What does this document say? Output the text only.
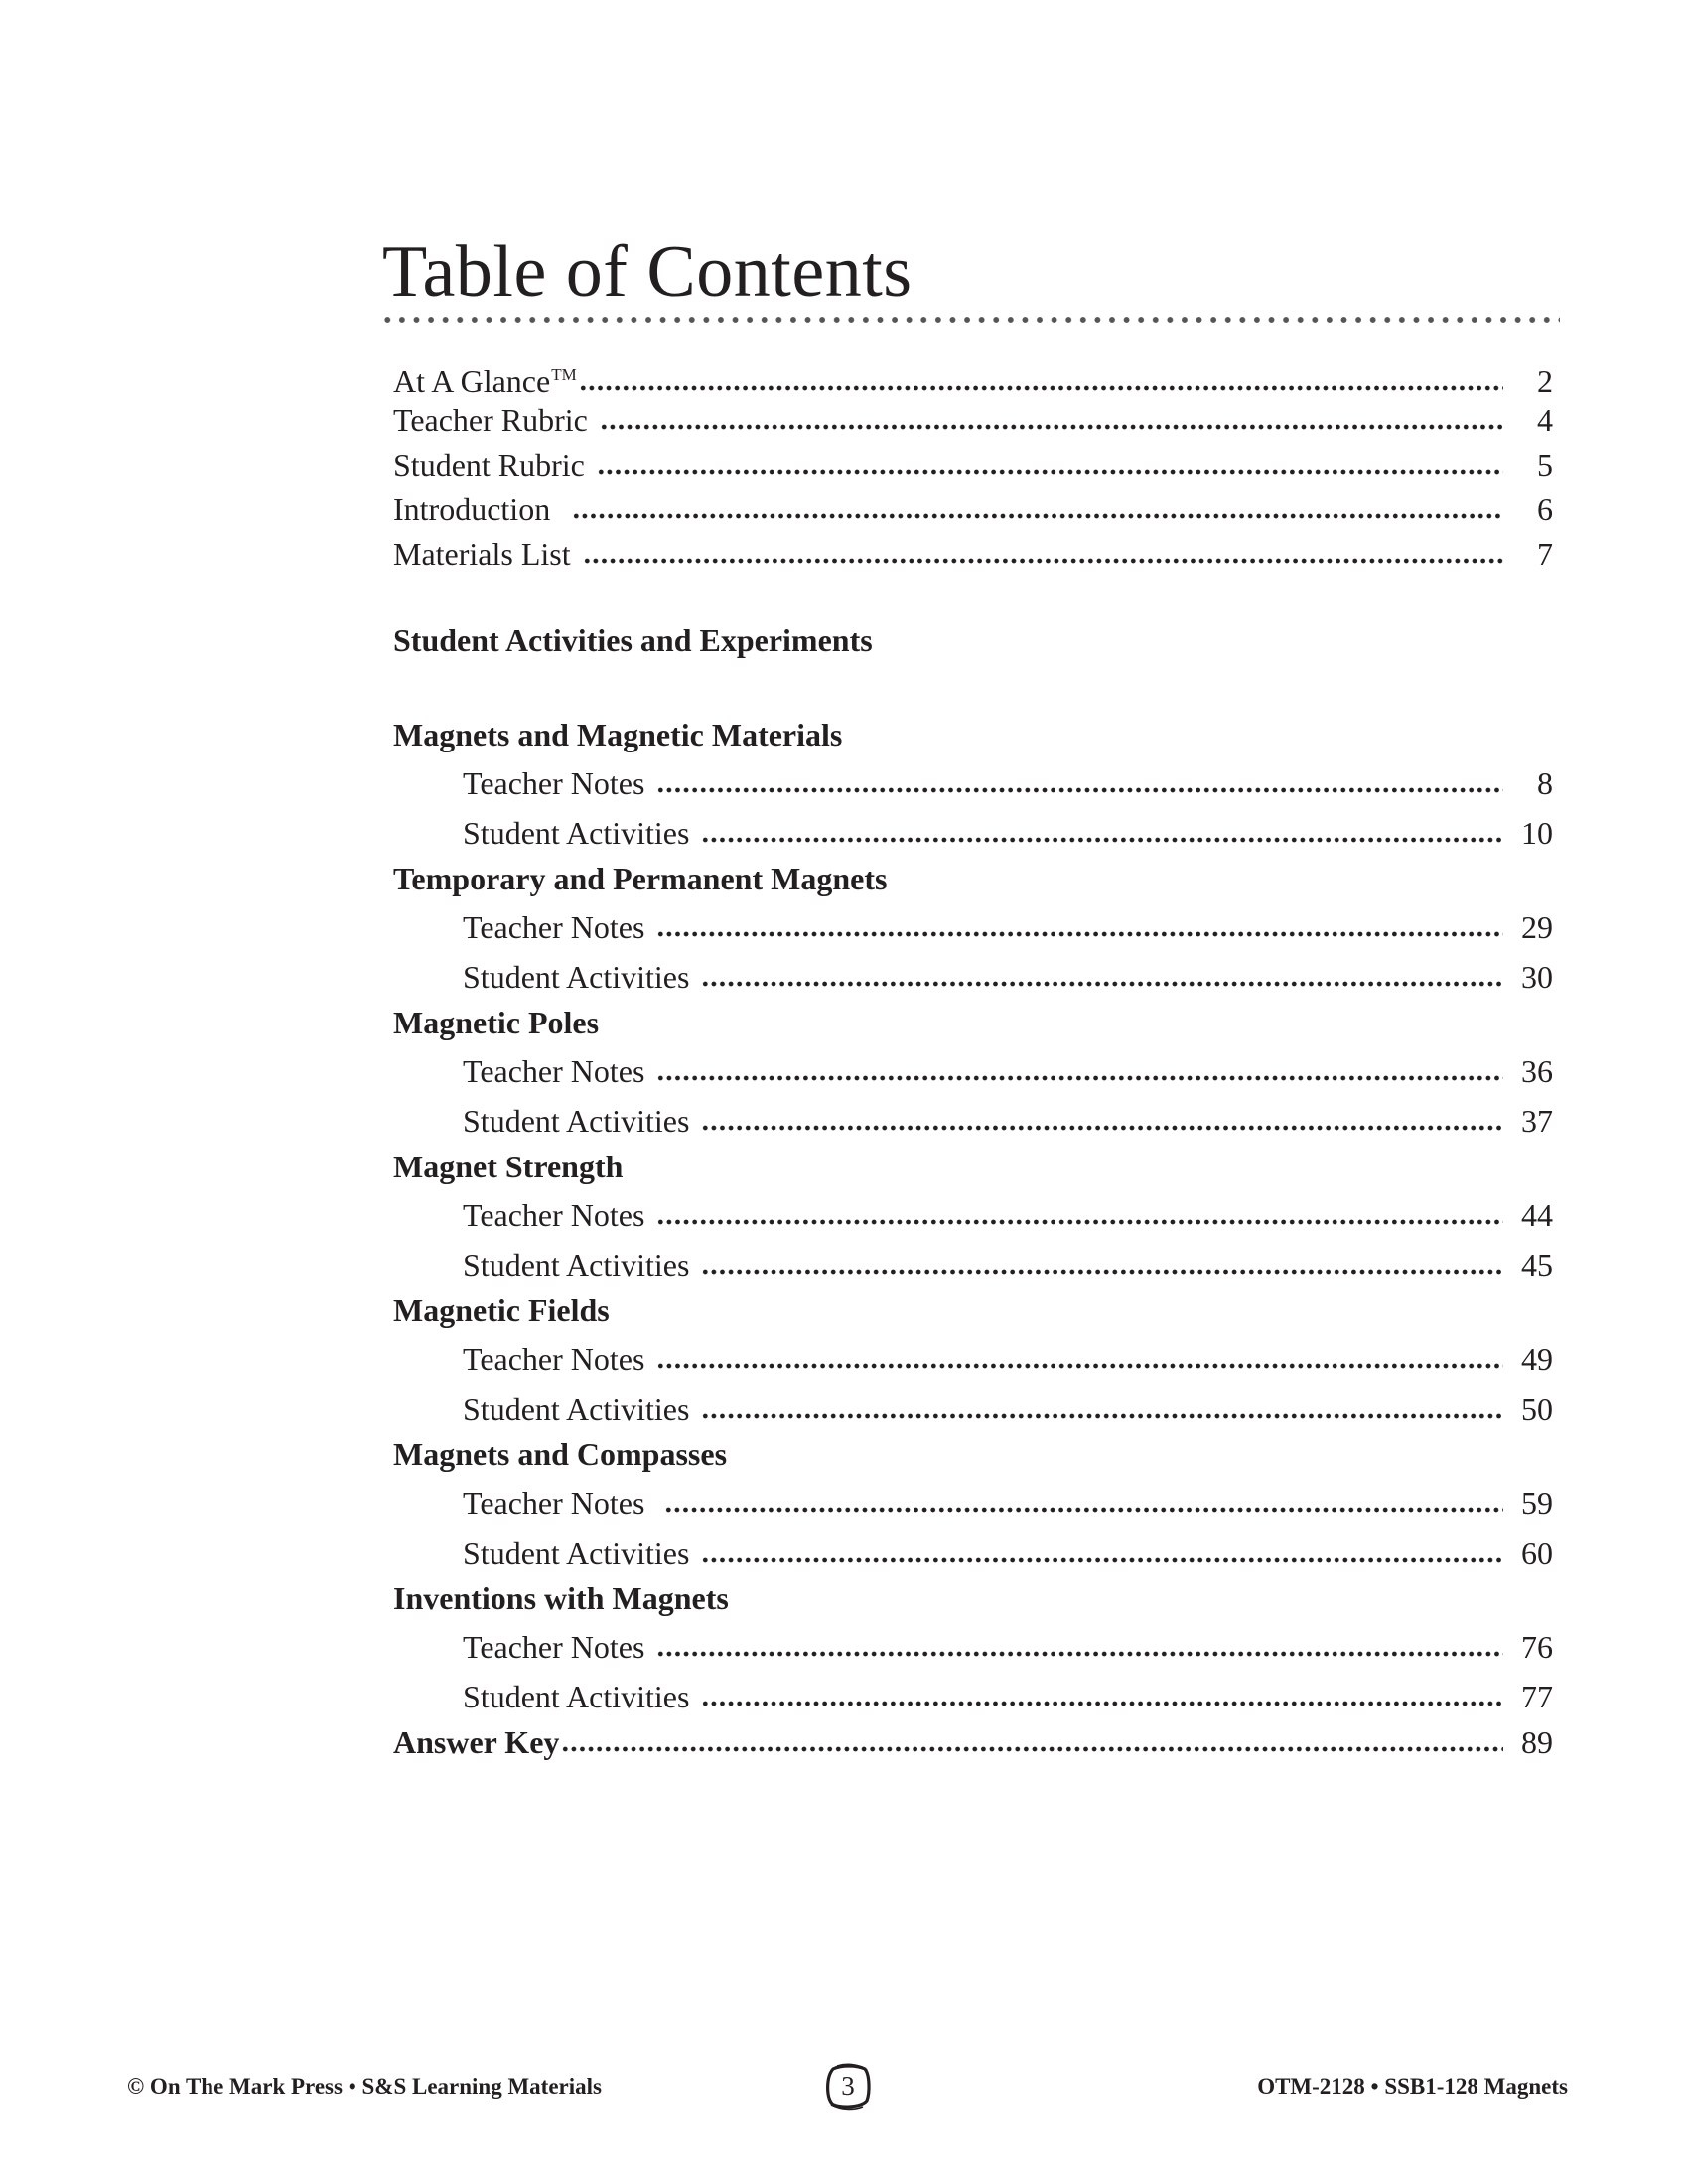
Table of Contents
At A Glance™	2
Teacher Rubric	4
Student Rubric	5
Introduction	6
Materials List	7
Student Activities and Experiments
Magnets and Magnetic Materials
Teacher Notes	8
Student Activities	10
Temporary and Permanent Magnets
Teacher Notes	29
Student Activities	30
Magnetic Poles
Teacher Notes	36
Student Activities	37
Magnet Strength
Teacher Notes	44
Student Activities	45
Magnetic Fields
Teacher Notes	49
Student Activities	50
Magnets and Compasses
Teacher Notes	59
Student Activities	60
Inventions with Magnets
Teacher Notes	76
Student Activities	77
Answer Key	89
© On The Mark Press • S&S Learning Materials	3	OTM-2128 • SSB1-128 Magnets
